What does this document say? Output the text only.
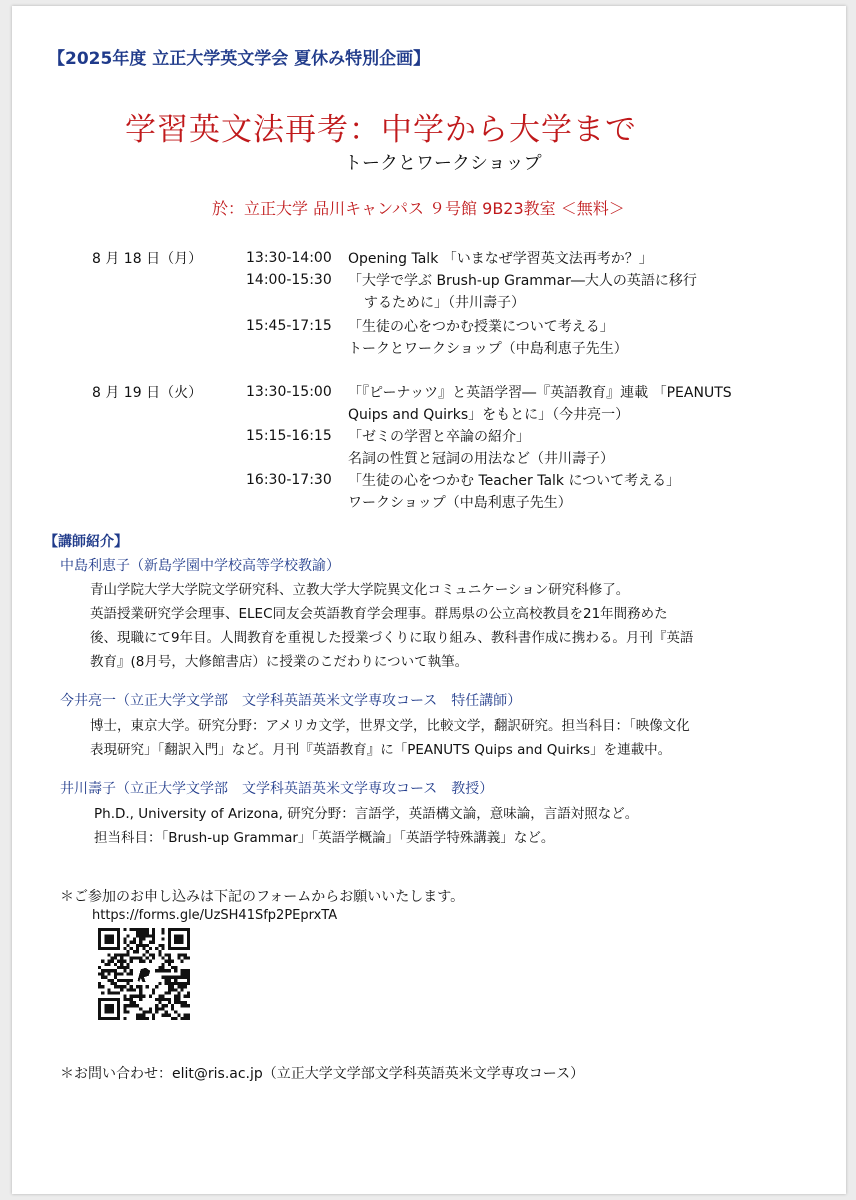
【2025年度 立正大学英文学会 夏休み特別企画】
学習英文法再考：中学から大学まで
トークとワークショップ
於：立正大学 品川キャンパス ９号館 9B23教室 ＜無料＞
8 月 18 日（月）	13:30-14:00 Opening Talk 「いまなぜ学習英文法再考か？」
14:00-15:30 「大学で学ぶ Brush-up Grammar―大人の英語に移行
するために」（井川壽子）
15:45-17:15 「生徒の心をつかむ授業について考える」
トークとワークショップ（中島利恵子先生）
8 月 19 日（火）	13:30-15:00 「『ピーナッツ』と英語学習―『英語教育』連載 「PEANUTS
Quips and Quirks」をもとに」（今井亮一）
15:15-16:15 「ゼミの学習と卒論の紹介」
名詞の性質と冠詞の用法など（井川壽子）
16:30-17:30 「生徒の心をつかむ Teacher Talk について考える」
ワークショップ（中島利恵子先生）
【講師紹介】
中島利恵子（新島学園中学校高等学校教諭）
青山学院大学大学院文学研究科、立教大学大学院異文化コミュニケーション研究科修了。
英語授業研究学会理事、ELEC同友会英語教育学会理事。群馬県の公立高校教員を21年間務めた
後、現職にて9年目。人間教育を重視した授業づくりに取り組み、教科書作成に携わる。月刊『英語
教育』(8月号，大修館書店）に授業のこだわりについて執筆。
今井亮一（立正大学文学部　文学科英語英米文学専攻コース　特任講師）
博士，東京大学。研究分野：アメリカ文学，世界文学，比較文学，翻訳研究。担当科目：「映像文化
表現研究」「翻訳入門」など。月刊『英語教育』に「PEANUTS Quips and Quirks」を連載中。
井川壽子（立正大学文学部　文学科英語英米文学専攻コース　教授）
Ph.D., University of Arizona, 研究分野：言語学，英語構文論，意味論，言語対照など。
担当科目：「Brush-up Grammar」「英語学概論」「英語学特殊講義」など。
＊ご参加のお申し込みは下記のフォームからお願いいたします。
https://forms.gle/UzSH41Sfp2PEprxTA
＊お問い合わせ：elit@ris.ac.jp（立正大学文学部文学科英語英米文学専攻コース）
